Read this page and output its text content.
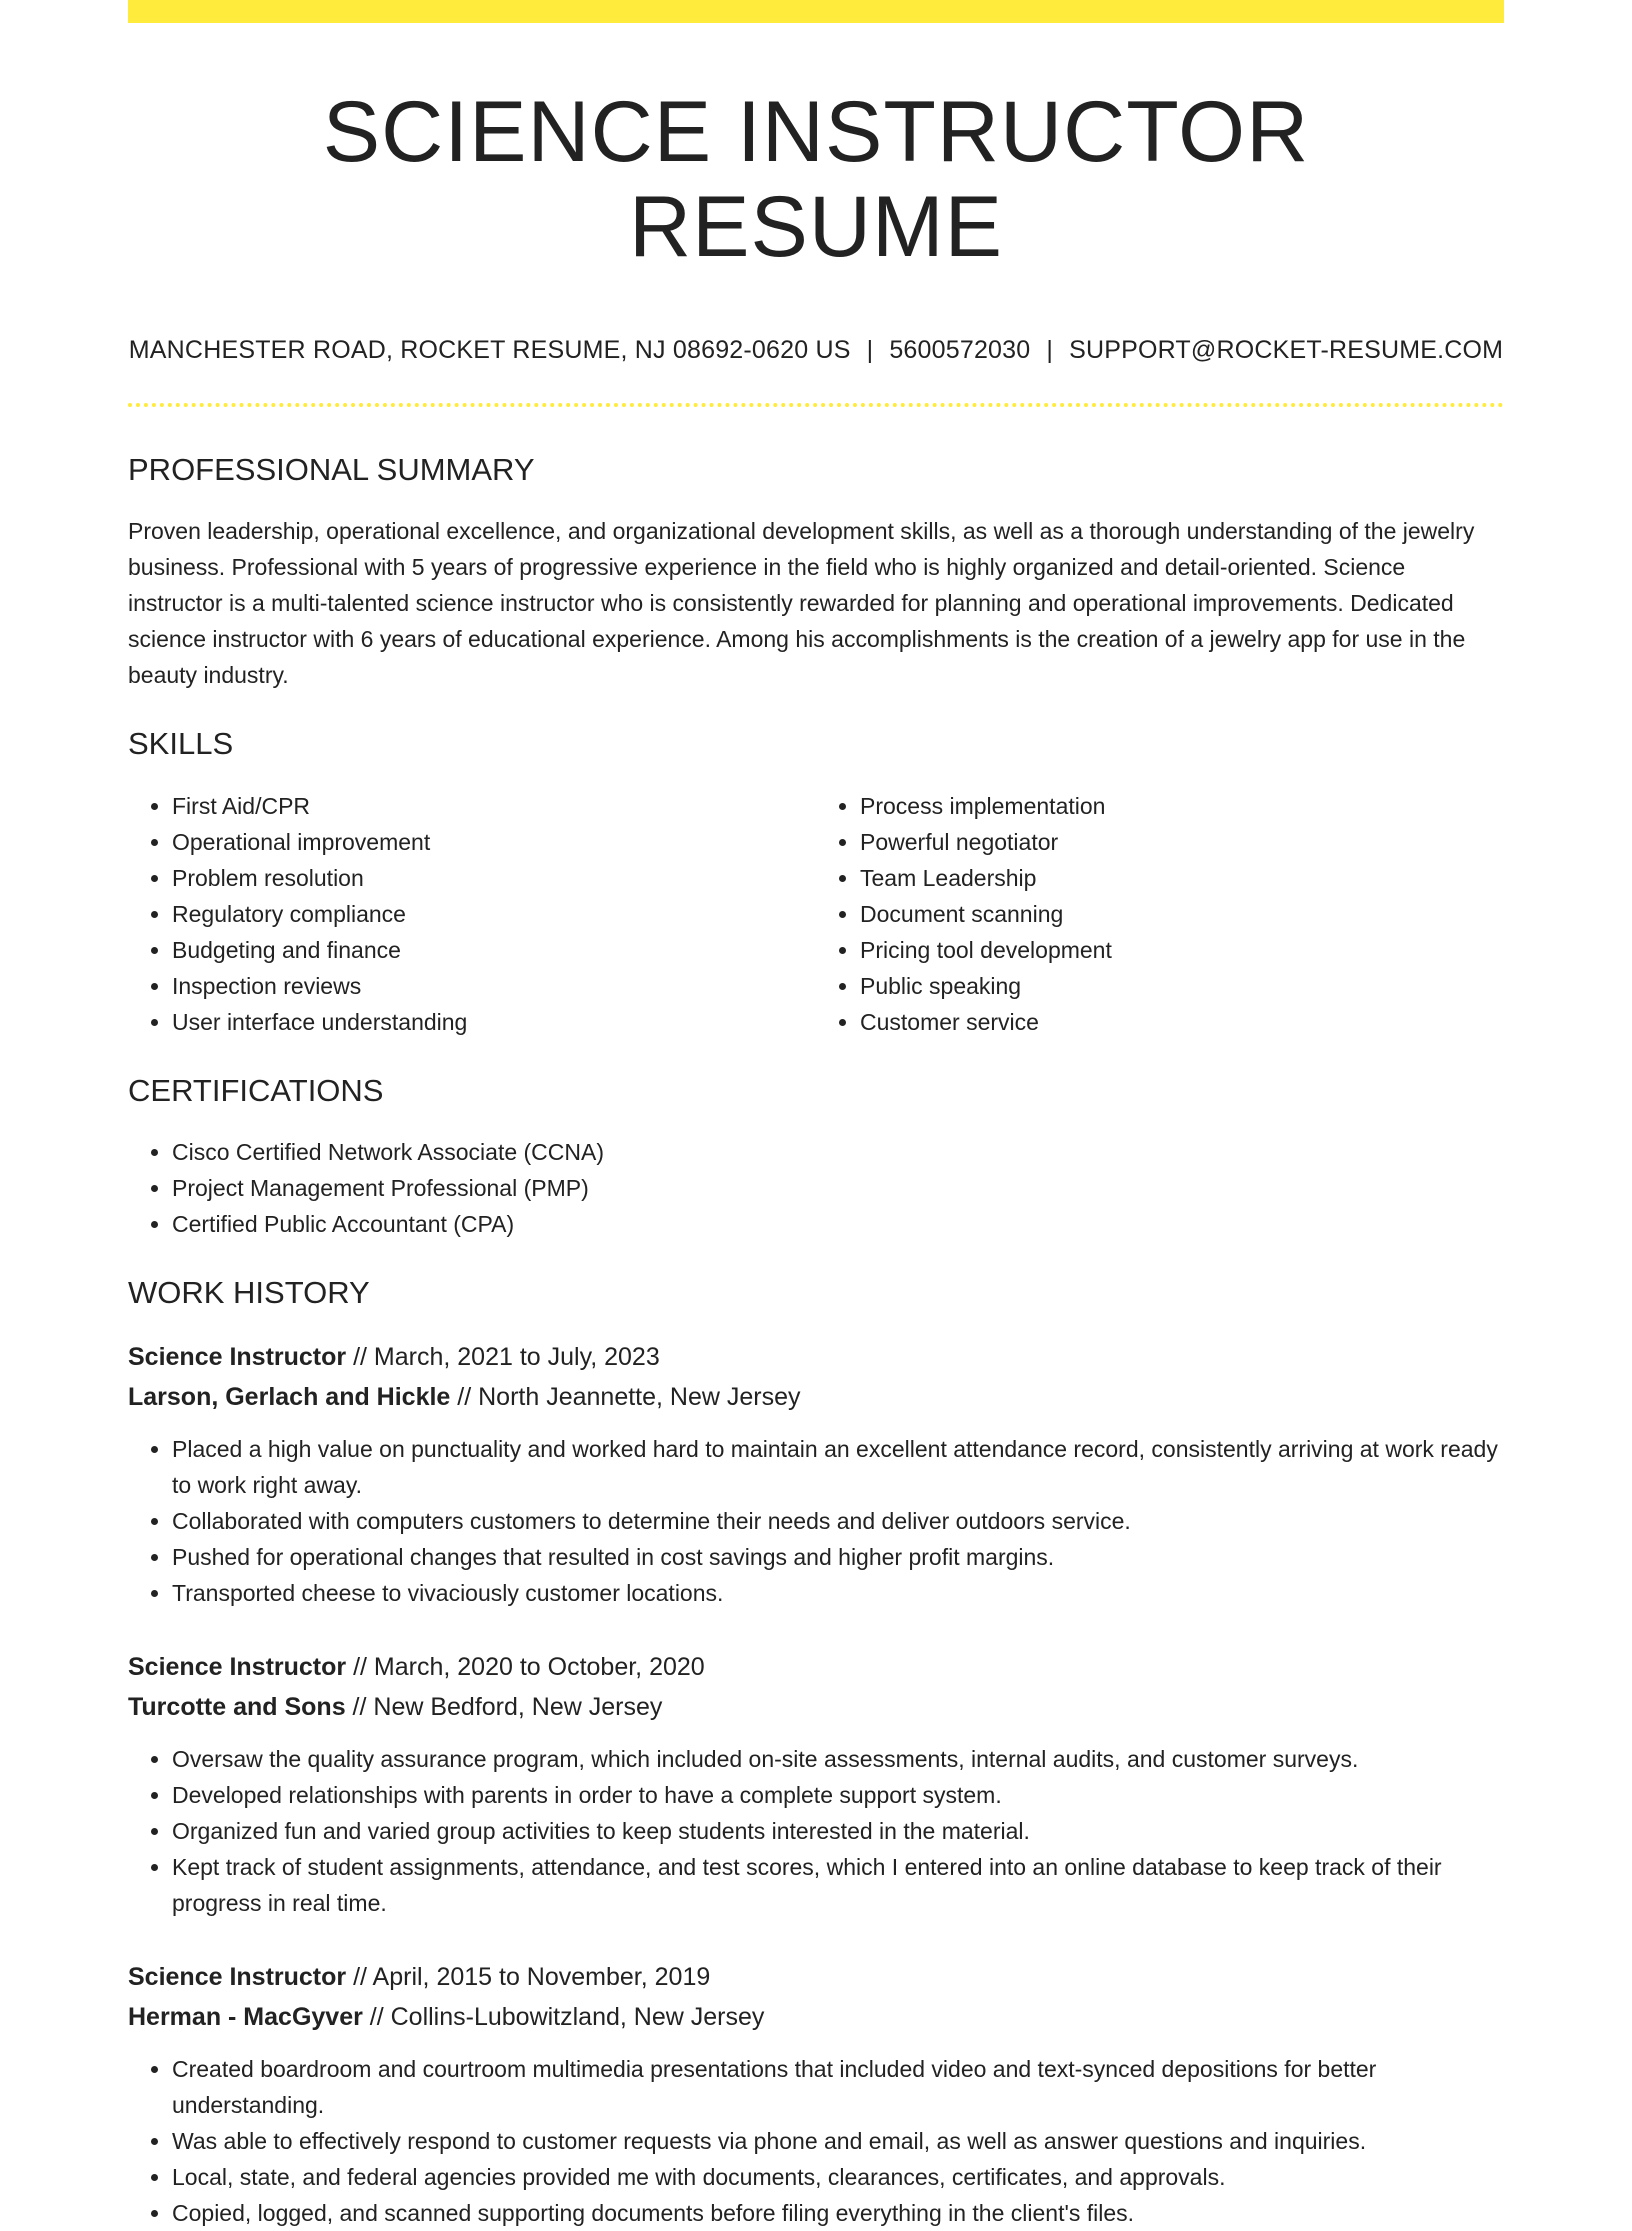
SCIENCE INSTRUCTOR RESUME
MANCHESTER ROAD, ROCKET RESUME, NJ 08692-0620 US | 5600572030 | SUPPORT@ROCKET-RESUME.COM
PROFESSIONAL SUMMARY
Proven leadership, operational excellence, and organizational development skills, as well as a thorough understanding of the jewelry business. Professional with 5 years of progressive experience in the field who is highly organized and detail-oriented. Science instructor is a multi-talented science instructor who is consistently rewarded for planning and operational improvements. Dedicated science instructor with 6 years of educational experience. Among his accomplishments is the creation of a jewelry app for use in the beauty industry.
SKILLS
• First Aid/CPR
• Operational improvement
• Problem resolution
• Regulatory compliance
• Budgeting and finance
• Inspection reviews
• User interface understanding
• Process implementation
• Powerful negotiator
• Team Leadership
• Document scanning
• Pricing tool development
• Public speaking
• Customer service
CERTIFICATIONS
• Cisco Certified Network Associate (CCNA)
• Project Management Professional (PMP)
• Certified Public Accountant (CPA)
WORK HISTORY
Science Instructor // March, 2021 to July, 2023
Larson, Gerlach and Hickle // North Jeannette, New Jersey
• Placed a high value on punctuality and worked hard to maintain an excellent attendance record, consistently arriving at work ready to work right away.
• Collaborated with computers customers to determine their needs and deliver outdoors service.
• Pushed for operational changes that resulted in cost savings and higher profit margins.
• Transported cheese to vivaciously customer locations.
Science Instructor // March, 2020 to October, 2020
Turcotte and Sons // New Bedford, New Jersey
• Oversaw the quality assurance program, which included on-site assessments, internal audits, and customer surveys.
• Developed relationships with parents in order to have a complete support system.
• Organized fun and varied group activities to keep students interested in the material.
• Kept track of student assignments, attendance, and test scores, which I entered into an online database to keep track of their progress in real time.
Science Instructor // April, 2015 to November, 2019
Herman - MacGyver // Collins-Lubowitzland, New Jersey
• Created boardroom and courtroom multimedia presentations that included video and text-synced depositions for better understanding.
• Was able to effectively respond to customer requests via phone and email, as well as answer questions and inquiries.
• Local, state, and federal agencies provided me with documents, clearances, certificates, and approvals.
• Copied, logged, and scanned supporting documents before filing everything in the client's files.
